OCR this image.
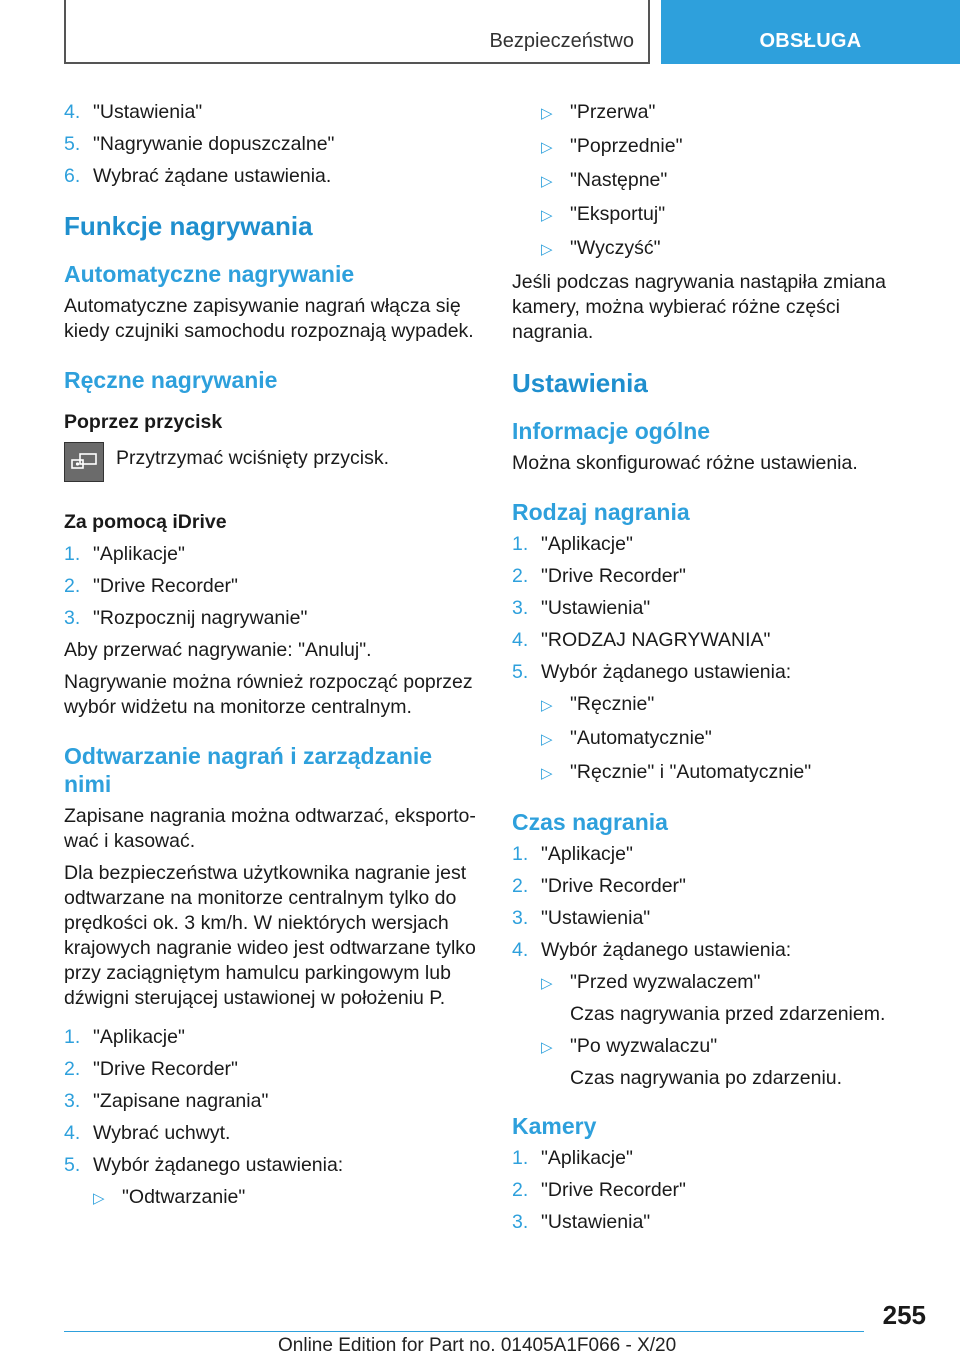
Bezpieczeństwo	OBSŁUGA
4. "Ustawienia"
5. "Nagrywanie dopuszczalne"
6. Wybrać żądane ustawienia.
Funkcje nagrywania
Automatyczne nagrywanie

Automatyczne zapisywanie nagrań włącza się kiedy czujniki samochodu rozpoznają wypadek.

Ręczne nagrywanie
Poprzez przycisk
Przytrzymać wciśnięty przycisk.
Za pomocą iDrive
1. "Aplikacje"
2. "Drive Recorder"
3. "Rozpocznij nagrywanie"

Aby przerwać nagrywanie: "Anuluj".

Nagrywanie można również rozpocząć poprzez wybór widżetu na monitorze centralnym.

Odtwarzanie nagrań i zarządzanie nimi

Zapisane nagrania można odtwarzać, eksportować i kasować.

Dla bezpieczeństwa użytkownika nagranie jest odtwarzane na monitorze centralnym tylko do prędkości ok. 3 km/h. W niektórych wersjach krajowych nagranie wideo jest odtwarzane tylko przy zaciągniętym hamulcu parkingowym lub dźwigni sterującej ustawionej w położeniu P.

1. "Aplikacje"
2. "Drive Recorder"
3. "Zapisane nagrania"
4. Wybrać uchwyt.
5. Wybór żądanego ustawienia:
▷ "Odtwarzanie"
▷ "Przerwa"
▷ "Poprzednie"
▷ "Następne"
▷ "Eksportuj"
▷ "Wyczyść"

Jeśli podczas nagrywania nastąpiła zmiana kamery, można wybierać różne części nagrania.

Ustawienia
Informacje ogólne

Można skonfigurować różne ustawienia.

Rodzaj nagrania
1. "Aplikacje"
2. "Drive Recorder"
3. "Ustawienia"
4. "RODZAJ NAGRYWANIA"
5. Wybór żądanego ustawienia:
▷ "Ręcznie"
▷ "Automatycznie"
▷ "Ręcznie" i "Automatycznie"
Czas nagrania
1. "Aplikacje"
2. "Drive Recorder"
3. "Ustawienia"
4. Wybór żądanego ustawienia:
▷ "Przed wyzwalaczem"
Czas nagrywania przed zdarzeniem.
▷ "Po wyzwalaczu"
Czas nagrywania po zdarzeniu.
Kamery
1. "Aplikacje"
2. "Drive Recorder"
3. "Ustawienia"
255
Online Edition for Part no. 01405A1F066 - X/20
